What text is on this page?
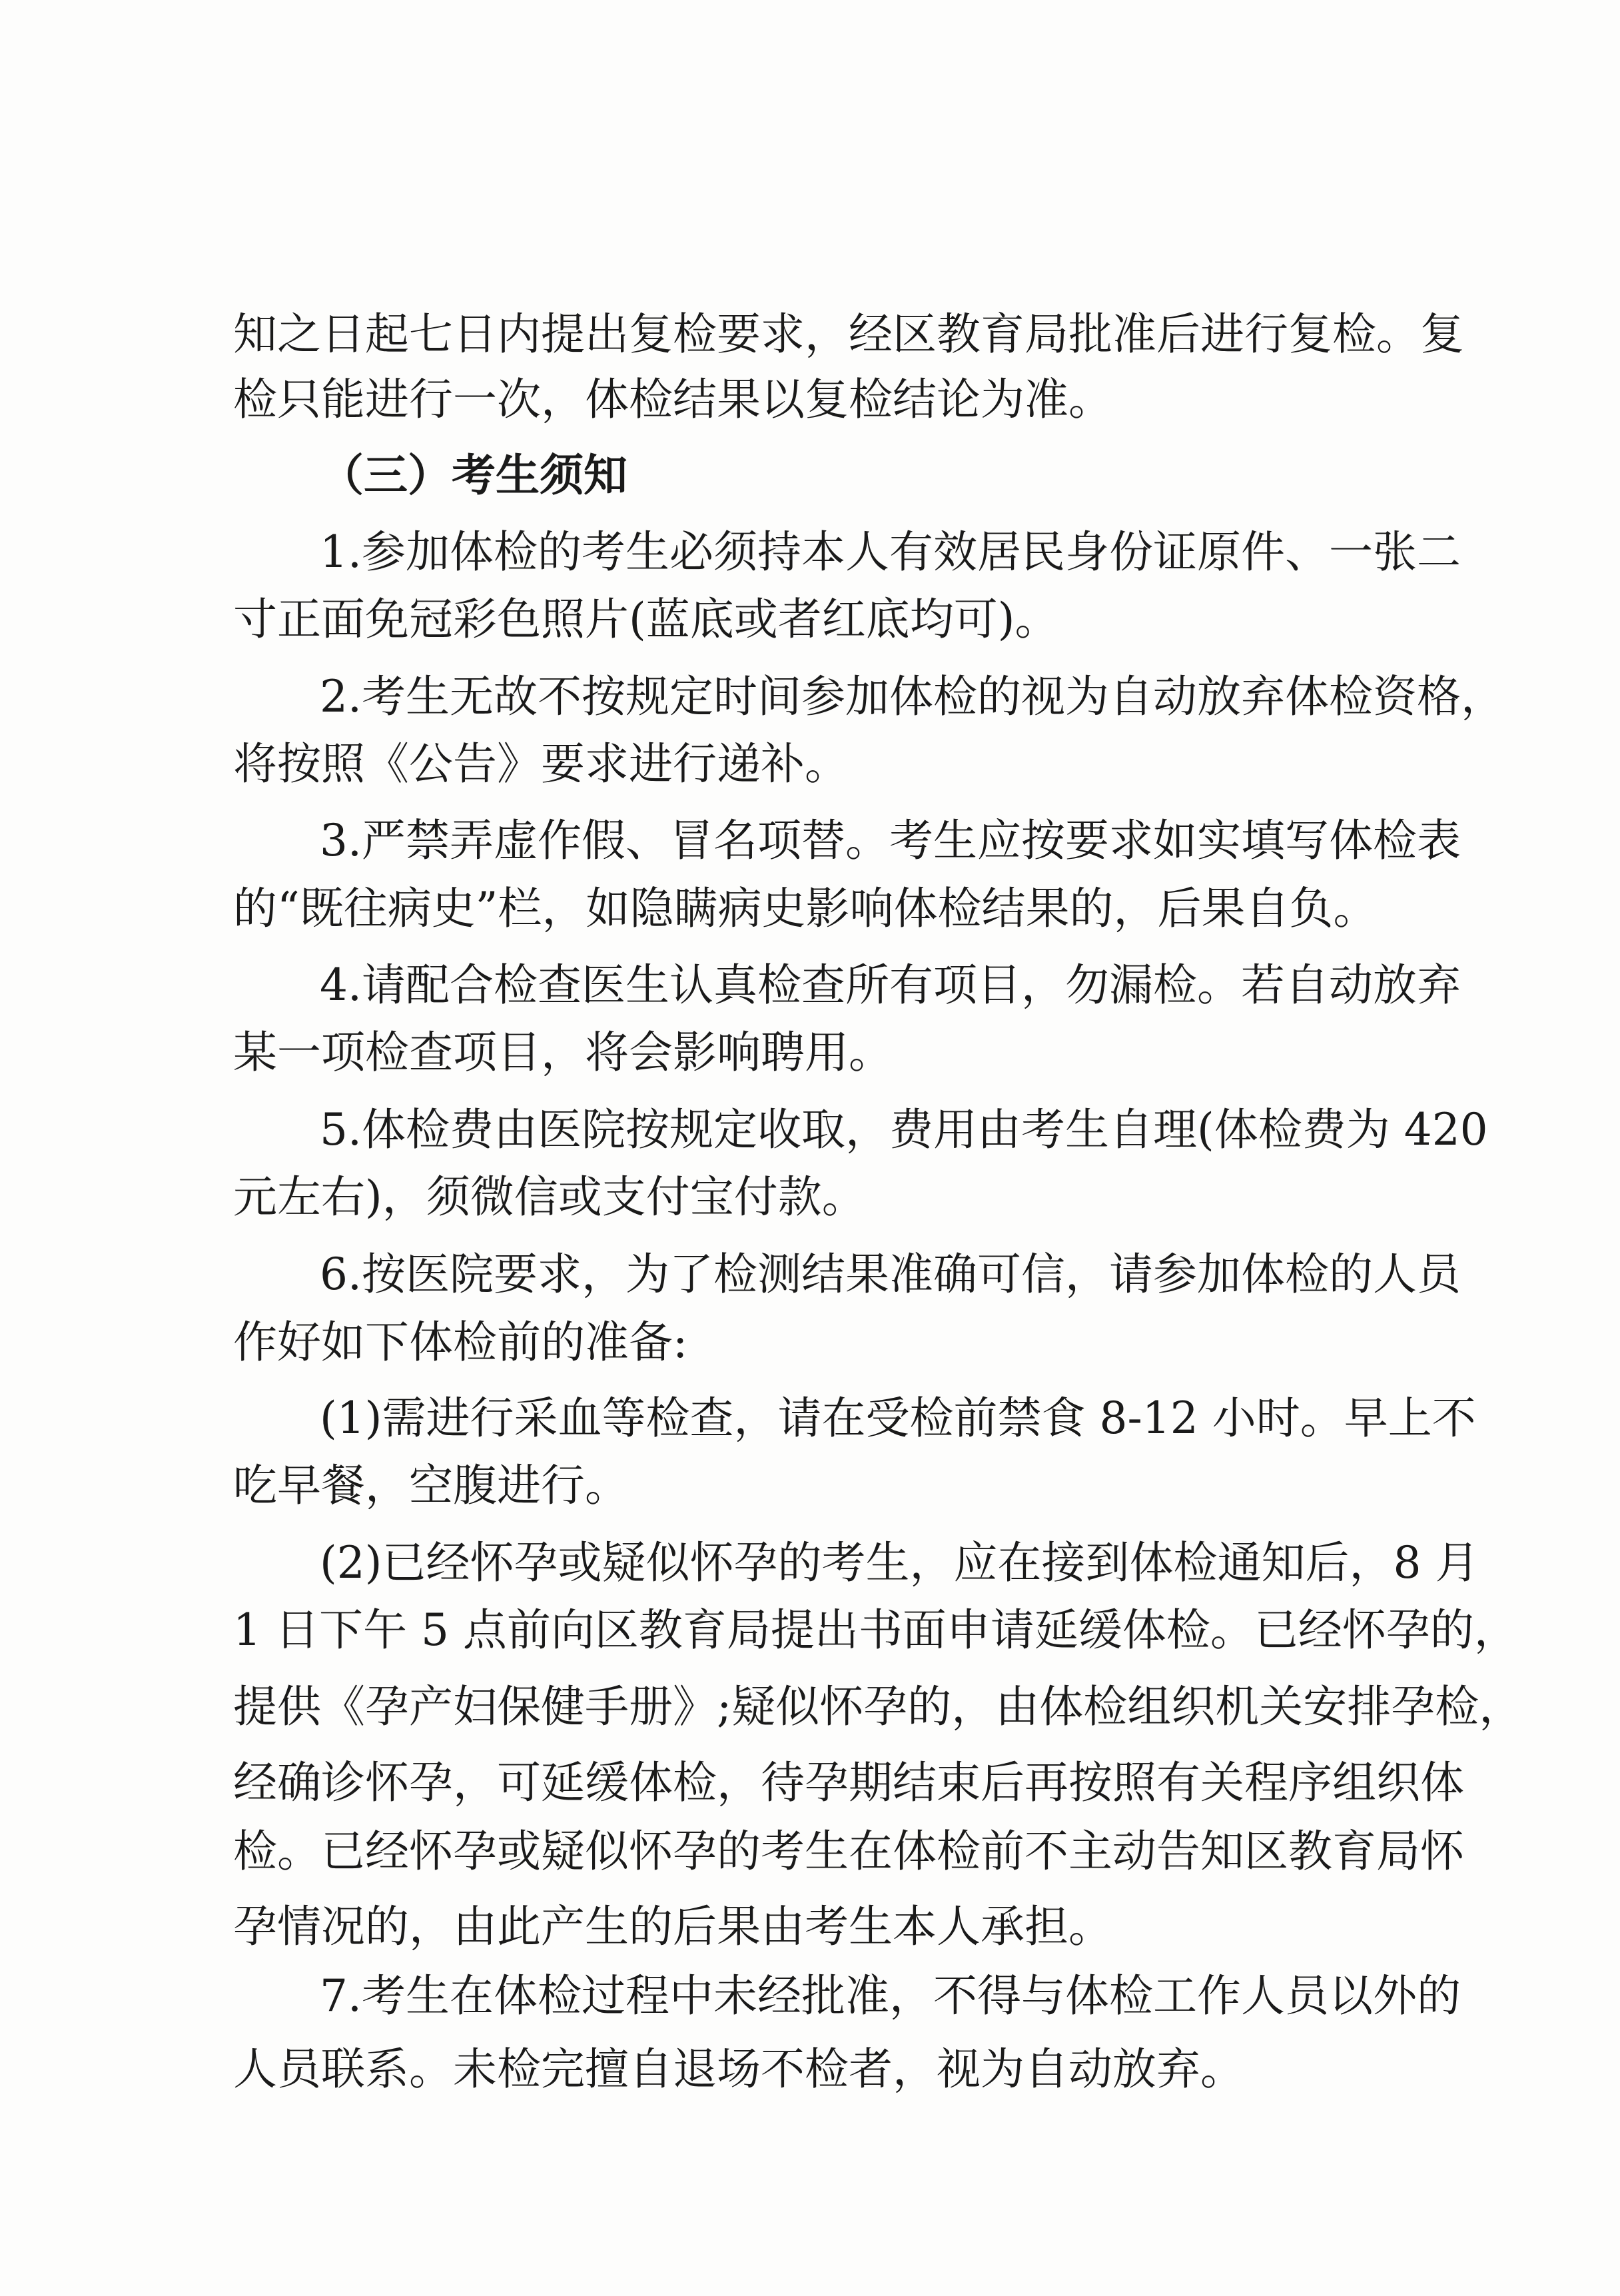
知之日起七日内提出复检要求，经区教育局批准后进行复检。复
检只能进行一次，体检结果以复检结论为准。
（三）考生须知
1.参加体检的考生必须持本人有效居民身份证原件、一张二
寸正面免冠彩色照片(蓝底或者红底均可)。
2.考生无故不按规定时间参加体检的视为自动放弃体检资格，
将按照《公告》要求进行递补。
3.严禁弄虚作假、冒名项替。考生应按要求如实填写体检表
的“既往病史”栏，如隐瞒病史影响体检结果的，后果自负。
4.请配合检查医生认真检查所有项目，勿漏检。若自动放弃
某一项检查项目，将会影响聘用。
5.体检费由医院按规定收取，费用由考生自理(体检费为 420
元左右)，须微信或支付宝付款。
6.按医院要求，为了检测结果准确可信，请参加体检的人员
作好如下体检前的准备:
(1)需进行采血等检查，请在受检前禁食 8-12 小时。早上不
吃早餐，空腹进行。
(2)已经怀孕或疑似怀孕的考生，应在接到体检通知后，8 月
1 日下午 5 点前向区教育局提出书面申请延缓体检。已经怀孕的，
提供《孕产妇保健手册》;疑似怀孕的，由体检组织机关安排孕检，
经确诊怀孕，可延缓体检，待孕期结束后再按照有关程序组织体
检。已经怀孕或疑似怀孕的考生在体检前不主动告知区教育局怀
孕情况的，由此产生的后果由考生本人承担。
7.考生在体检过程中未经批准，不得与体检工作人员以外的
人员联系。未检完擅自退场不检者，视为自动放弃。
